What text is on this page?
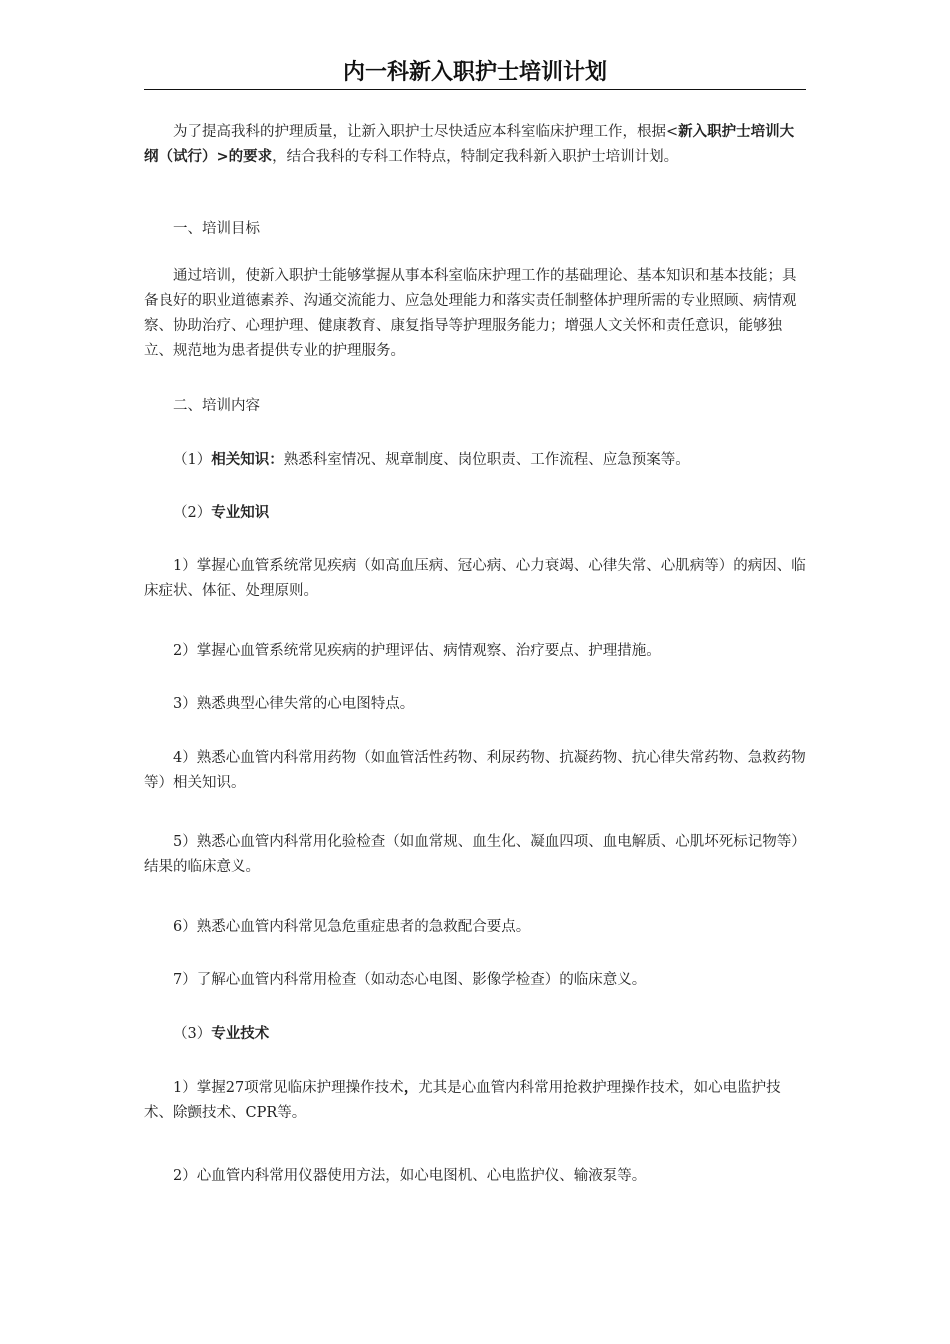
内一科新入职护士培训计划

为了提高我科的护理质量，让新入职护士尽快适应本科室临床护理工作，根据<新入职护士培训大纲（试行）>的要求，结合我科的专科工作特点，特制定我科新入职护士培训计划。

一、培训目标

通过培训，使新入职护士能够掌握从事本科室临床护理工作的基础理论、基本知识和基本技能；具备良好的职业道德素养、沟通交流能力、应急处理能力和落实责任制整体护理所需的专业照顾、病情观察、协助治疗、心理护理、健康教育、康复指导等护理服务能力；增强人文关怀和责任意识，能够独立、规范地为患者提供专业的护理服务。

二、培训内容

（1）相关知识：熟悉科室情况、规章制度、岗位职责、工作流程、应急预案等。

（2）专业知识

1）掌握心血管系统常见疾病（如高血压病、冠心病、心力衰竭、心律失常、心肌病等）的病因、临床症状、体征、处理原则。

2）掌握心血管系统常见疾病的护理评估、病情观察、治疗要点、护理措施。

3）熟悉典型心律失常的心电图特点。

4）熟悉心血管内科常用药物（如血管活性药物、利尿药物、抗凝药物、抗心律失常药物、急救药物等）相关知识。

5）熟悉心血管内科常用化验检查（如血常规、血生化、凝血四项、血电解质、心肌坏死标记物等）结果的临床意义。

6）熟悉心血管内科常见急危重症患者的急救配合要点。

7）了解心血管内科常用检查（如动态心电图、影像学检查）的临床意义。

（3）专业技术

1）掌握27项常见临床护理操作技术，尤其是心血管内科常用抢救护理操作技术，如心电监护技术、除颤技术、CPR等。

2）心血管内科常用仪器使用方法，如心电图机、心电监护仪、输液泵等。
